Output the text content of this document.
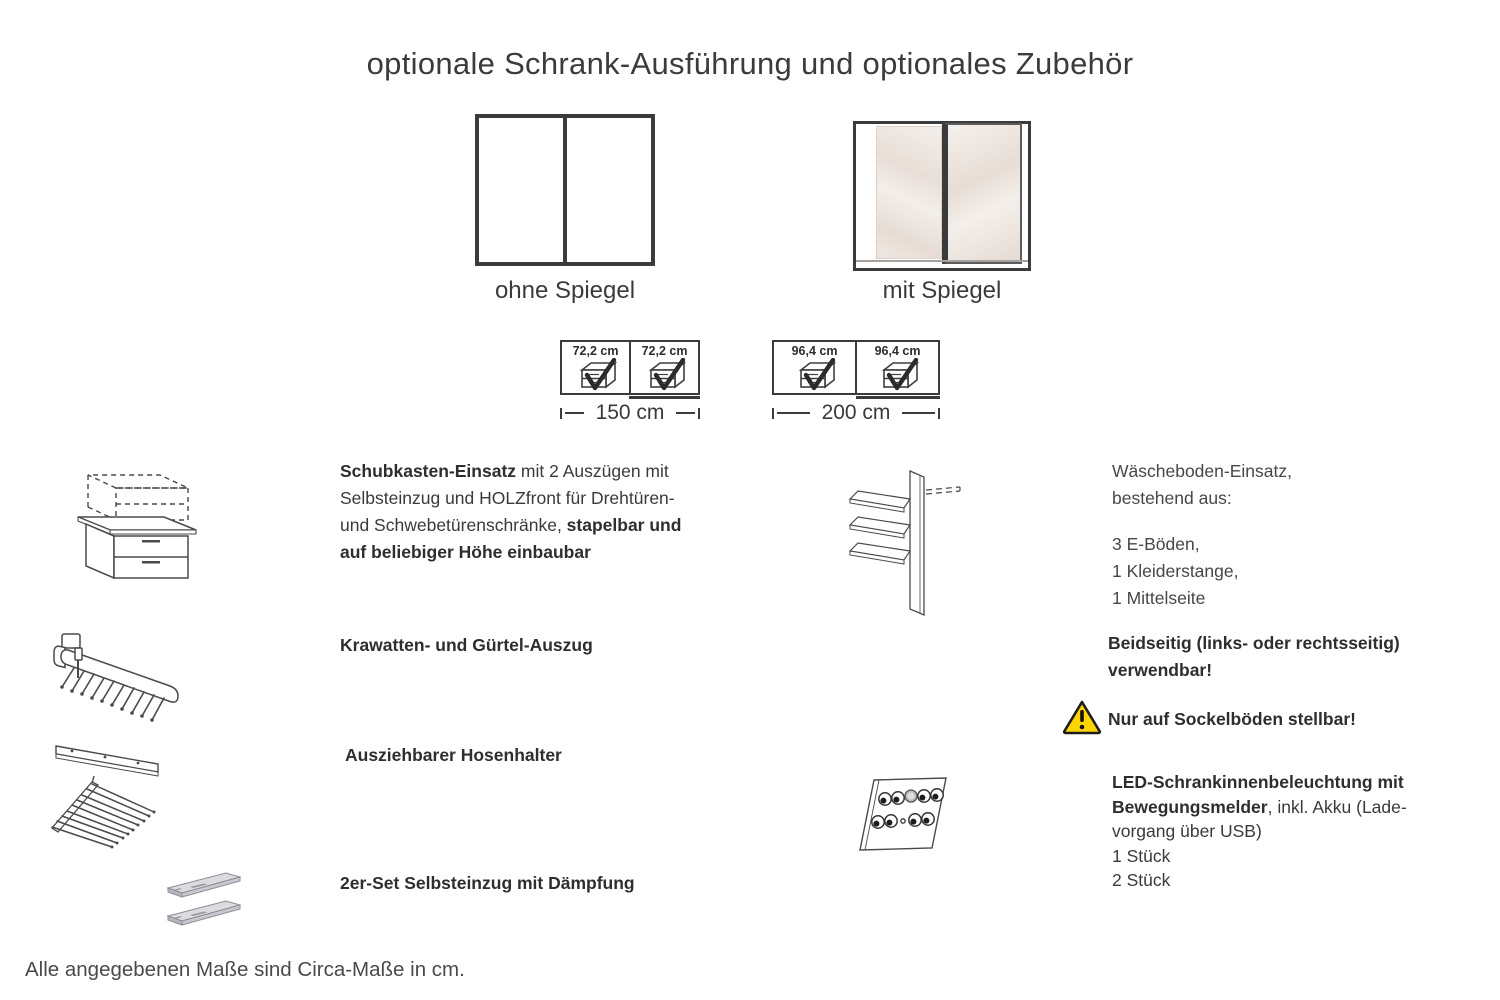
optionale Schrank-Ausführung und optionales Zubehör
ohne Spiegel	mit Spiegel
72,2 cm 72,2 cm
150 cm
96,4 cm	96,4 cm
200 cm
Schubkasten-Einsatz mit 2 Auszügen mit
Selbsteinzug und HOLZfront für Drehtüren-
und Schwebetürenschränke, stapelbar und
auf beliebiger Höhe einbaubar
Krawatten- und Gürtel-Auszug
Ausziehbarer Hosenhalter
2er-Set Selbsteinzug mit Dämpfung
Wäscheboden-Einsatz,
bestehend aus:
3 E-Böden,
1 Kleiderstange,
1 Mittelseite
Beidseitig (links- oder rechtsseitig)
verwendbar!
Nur auf Sockelböden stellbar!
LED-Schrankinnenbeleuchtung mit
Bewegungsmelder, inkl. Akku (Lade-
vorgang über USB)
1 Stück
2 Stück
Alle angegebenen Maße sind Circa-Maße in cm.
